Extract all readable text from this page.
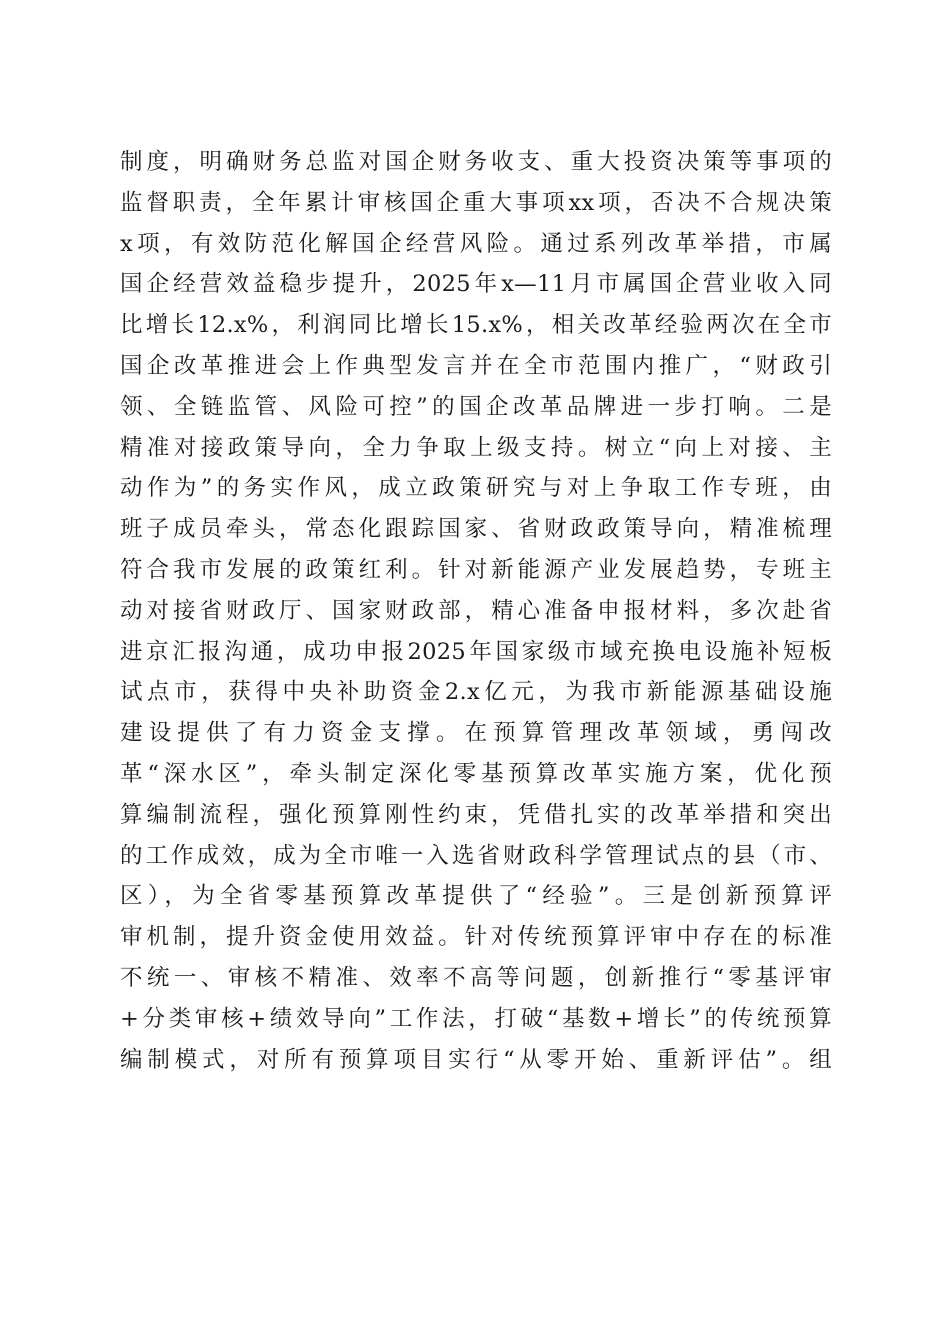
制度，明确财务总监对国企财务收支、重大投资决策等事项的
监督职责，全年累计审核国企重大事项xx项，否决不合规决策
x项，有效防范化解国企经营风险。通过系列改革举措，市属
国企经营效益稳步提升，2025年x—11月市属国企营业收入同
比增长12.x%，利润同比增长15.x%，相关改革经验两次在全市
国企改革推进会上作典型发言并在全市范围内推广，“财政引
领、全链监管、风险可控”的国企改革品牌进一步打响。二是
精准对接政策导向，全力争取上级支持。树立“向上对接、主
动作为”的务实作风，成立政策研究与对上争取工作专班，由
班子成员牵头，常态化跟踪国家、省财政政策导向，精准梳理
符合我市发展的政策红利。针对新能源产业发展趋势，专班主
动对接省财政厅、国家财政部，精心准备申报材料，多次赴省
进京汇报沟通，成功申报2025年国家级市域充换电设施补短板
试点市，获得中央补助资金2.x亿元，为我市新能源基础设施
建设提供了有力资金支撑。在预算管理改革领域，勇闯改
革“深水区”，牵头制定深化零基预算改革实施方案，优化预
算编制流程，强化预算刚性约束，凭借扎实的改革举措和突出
的工作成效，成为全市唯一入选省财政科学管理试点的县（市、
区），为全省零基预算改革提供了“经验”。三是创新预算评
审机制，提升资金使用效益。针对传统预算评审中存在的标准
不统一、审核不精准、效率不高等问题，创新推行“零基评审
+分类审核+绩效导向”工作法，打破“基数+增长”的传统预算
编制模式，对所有预算项目实行“从零开始、重新评估”。组
